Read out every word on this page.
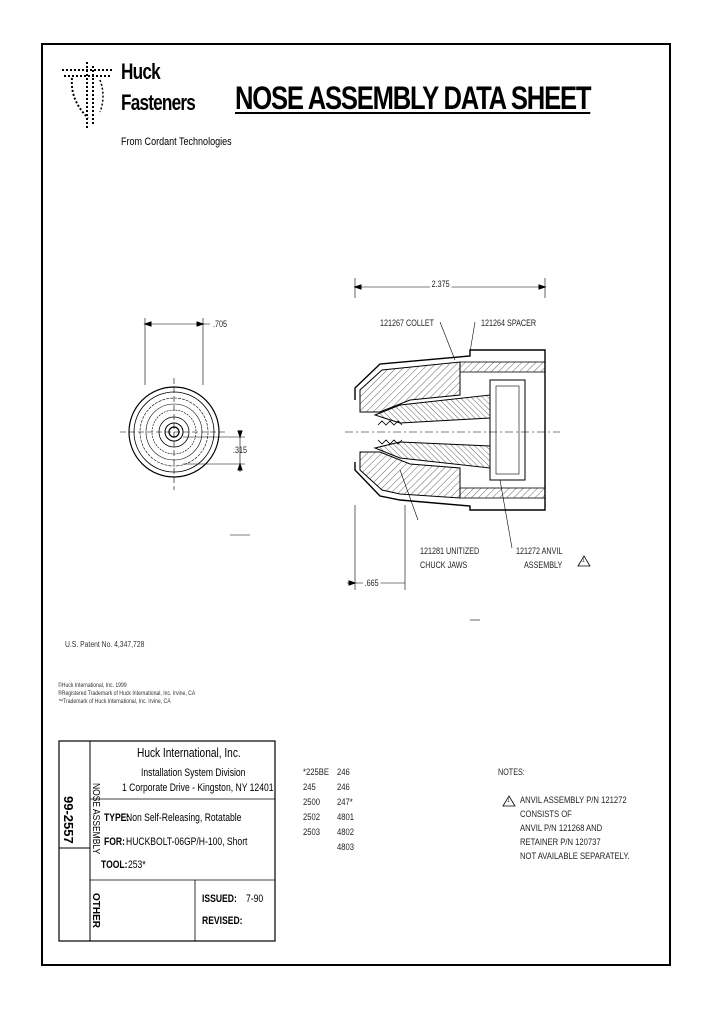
Huck
Fasteners
From Cordant Technologies
NOSE ASSEMBLY DATA SHEET
2.375
.705
.315
.665
121267 COLLET	121264 SPACER
121281 UNITIZED
CHUCK JAWS
121272 ANVIL
ASSEMBLY	1
U.S. Patent No. 4,347,728
©Huck International, Inc. 1999
®Registered Trademark of Huck International, Inc. Irvine, CA
™Trademark of Huck International, Inc. Irvine, CA
99-2557 NOSE ASSEMBLY
OTHER
Huck International, Inc.
Installation System Division
1 Corporate Drive - Kingston, NY 12401
TYPE:
Non Self-Releasing, Rotatable
FOR: HUCKBOLT-06GP/H-100, Short
TOOL: 253*
ISSUED: 7-90
REVISED:
*225BE 246
245 246
2500 247*
2502 4801
2503 4802
4803
NOTES:
1 ANVIL ASSEMBLY P/N 121272
CONSISTS OF
ANVIL P/N 121268 AND
RETAINER P/N 120737
NOT AVAILABLE SEPARATELY.
